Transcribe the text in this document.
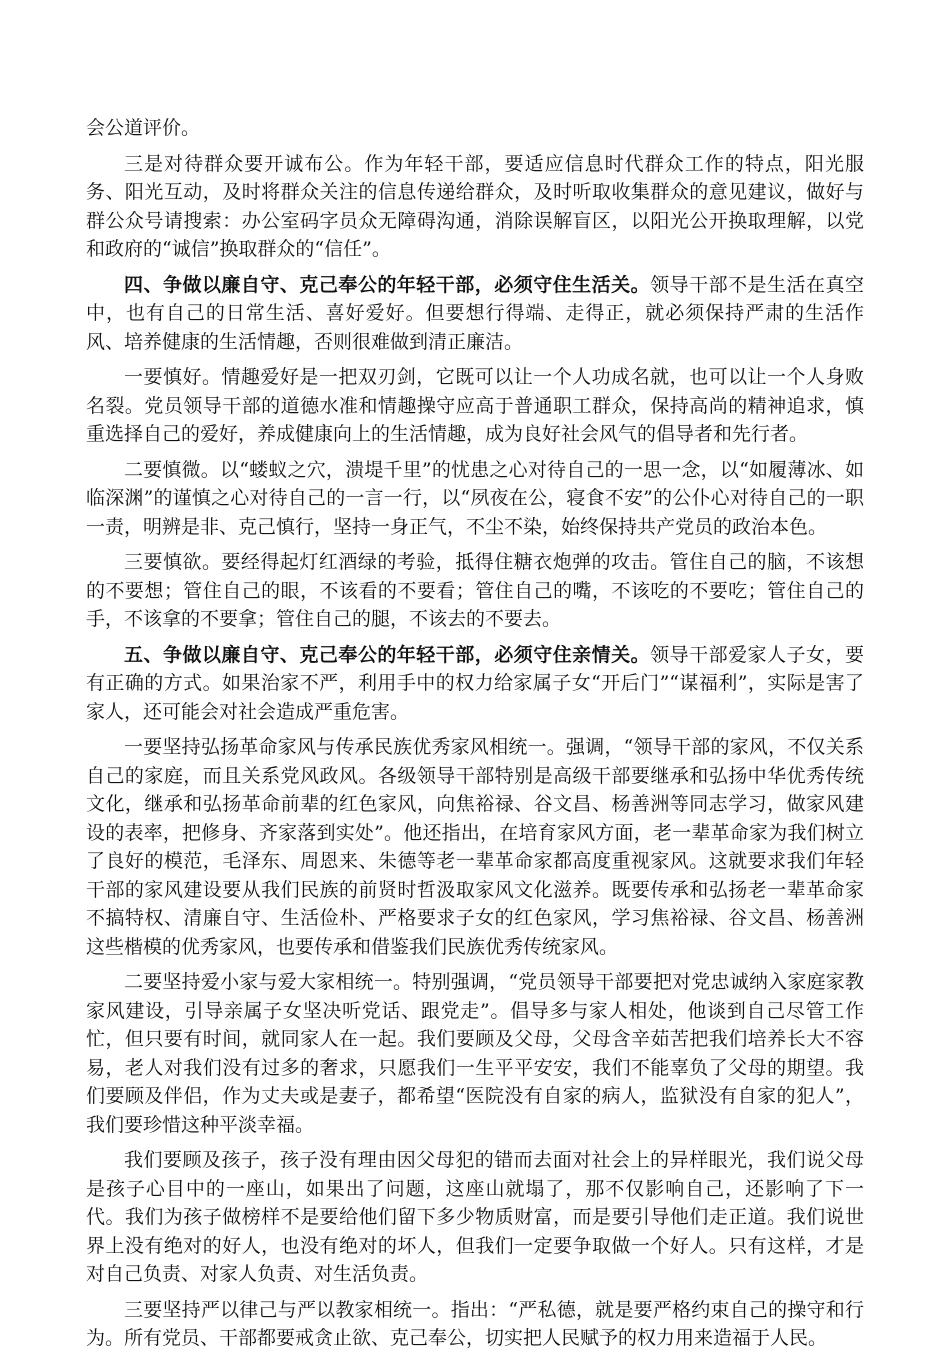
会公道评价。

三是对待群众要开诚布公。作为年轻干部，要适应信息时代群众工作的特点，阳光服务、阳光互动，及时将群众关注的信息传递给群众，及时听取收集群众的意见建议，做好与群公众号请搜索：办公室码字员众无障碍沟通，消除误解盲区，以阳光公开换取理解，以党和政府的“诚信”换取群众的“信任”。

四、争做以廉自守、克己奉公的年轻干部，必须守住生活关。领导干部不是生活在真空中，也有自己的日常生活、喜好爱好。但要想行得端、走得正，就必须保持严肃的生活作风、培养健康的生活情趣，否则很难做到清正廉洁。

一要慎好。情趣爱好是一把双刃剑，它既可以让一个人功成名就，也可以让一个人身败名裂。党员领导干部的道德水准和情趣操守应高于普通职工群众，保持高尚的精神追求，慎重选择自己的爱好，养成健康向上的生活情趣，成为良好社会风气的倡导者和先行者。

二要慎微。以“蝼蚁之穴，溃堤千里”的忧患之心对待自己的一思一念，以“如履薄冰、如临深渊”的谨慎之心对待自己的一言一行，以“夙夜在公，寝食不安”的公仆心对待自己的一职一责，明辨是非、克己慎行，坚持一身正气，不尘不染，始终保持共产党员的政治本色。

三要慎欲。要经得起灯红酒绿的考验，抵得住糖衣炮弹的攻击。管住自己的脑，不该想的不要想；管住自己的眼，不该看的不要看；管住自己的嘴，不该吃的不要吃；管住自己的手，不该拿的不要拿；管住自己的腿，不该去的不要去。

五、争做以廉自守、克己奉公的年轻干部，必须守住亲情关。领导干部爱家人子女，要有正确的方式。如果治家不严，利用手中的权力给家属子女“开后门”“谋福利”，实际是害了家人，还可能会对社会造成严重危害。

一要坚持弘扬革命家风与传承民族优秀家风相统一。强调，“领导干部的家风，不仅关系自己的家庭，而且关系党风政风。各级领导干部特别是高级干部要继承和弘扬中华优秀传统文化，继承和弘扬革命前辈的红色家风，向焦裕禄、谷文昌、杨善洲等同志学习，做家风建设的表率，把修身、齐家落到实处”。他还指出，在培育家风方面，老一辈革命家为我们树立了良好的模范，毛泽东、周恩来、朱德等老一辈革命家都高度重视家风。这就要求我们年轻干部的家风建设要从我们民族的前贤时哲汲取家风文化滋养。既要传承和弘扬老一辈革命家不搞特权、清廉自守、生活俭朴、严格要求子女的红色家风，学习焦裕禄、谷文昌、杨善洲这些楷模的优秀家风，也要传承和借鉴我们民族优秀传统家风。

二要坚持爱小家与爱大家相统一。特别强调，“党员领导干部要把对党忠诚纳入家庭家教家风建设，引导亲属子女坚决听党话、跟党走”。倡导多与家人相处，他谈到自己尽管工作忙，但只要有时间，就同家人在一起。我们要顾及父母，父母含辛茹苦把我们培养长大不容易，老人对我们没有过多的奢求，只愿我们一生平平安安，我们不能辜负了父母的期望。我们要顾及伴侣，作为丈夫或是妻子，都希望“医院没有自家的病人，监狱没有自家的犯人”，我们要珍惜这种平淡幸福。

我们要顾及孩子，孩子没有理由因父母犯的错而去面对社会上的异样眼光，我们说父母是孩子心目中的一座山，如果出了问题，这座山就塌了，那不仅影响自己，还影响了下一代。我们为孩子做榜样不是要给他们留下多少物质财富，而是要引导他们走正道。我们说世界上没有绝对的好人，也没有绝对的坏人，但我们一定要争取做一个好人。只有这样，才是对自己负责、对家人负责、对生活负责。

三要坚持严以律己与严以教家相统一。指出：“严私德，就是要严格约束自己的操守和行为。所有党员、干部都要戒贪止欲、克己奉公，切实把人民赋予的权力用来造福于人民。
